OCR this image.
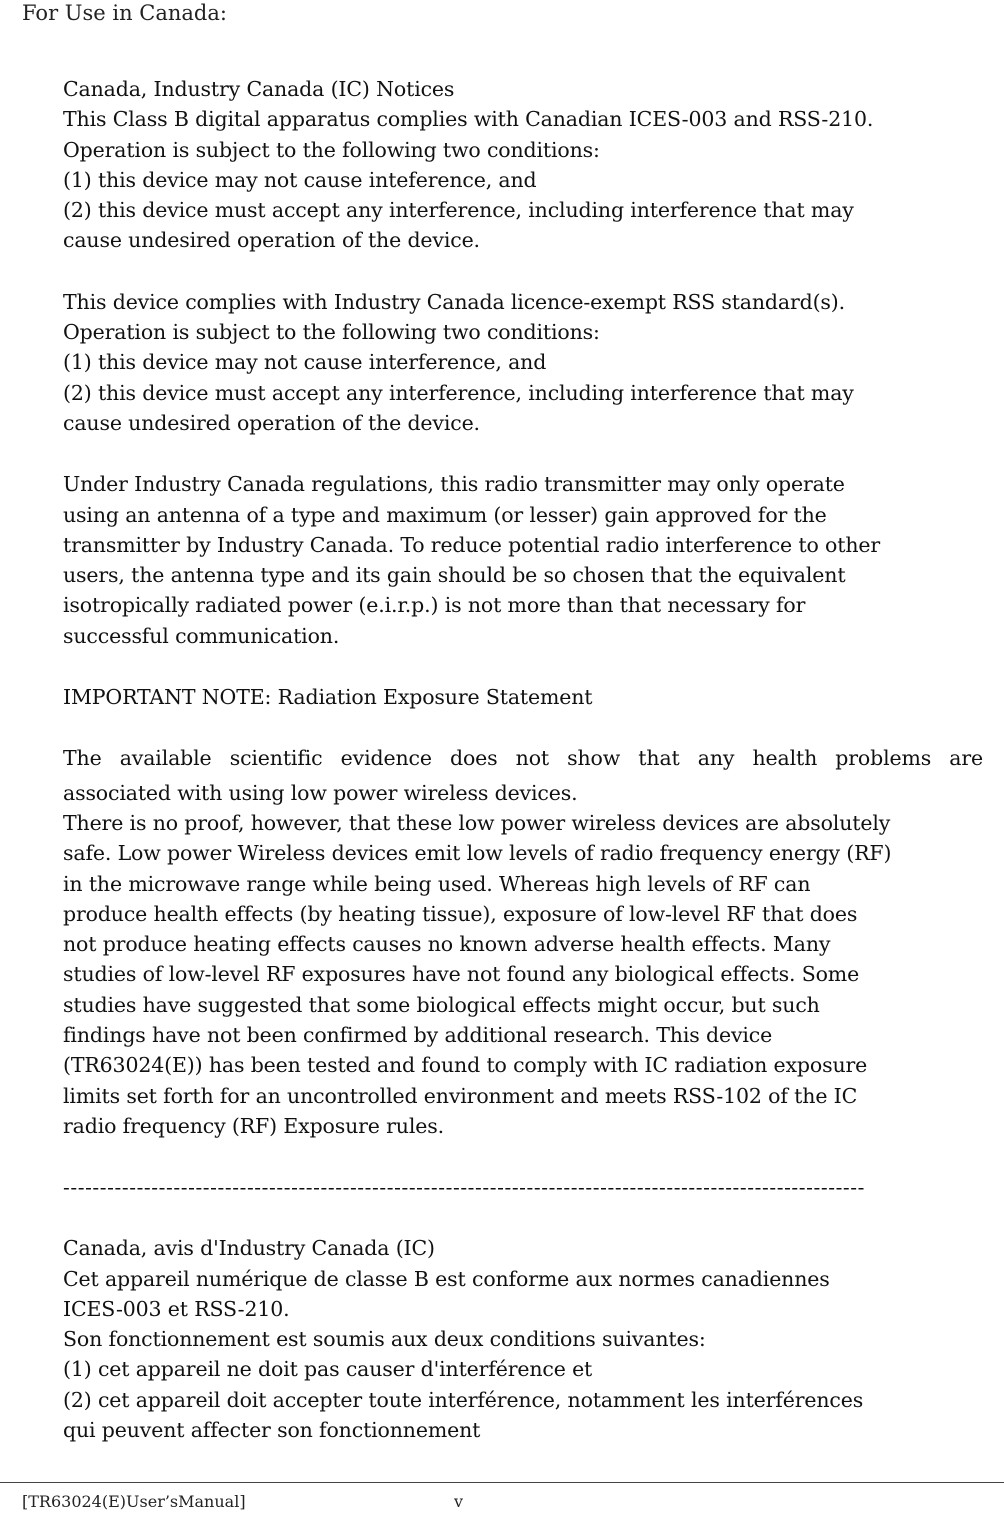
For Use in Canada:
Canada, Industry Canada (IC) Notices
This Class B digital apparatus complies with Canadian ICES-003 and RSS-210.
Operation is subject to the following two conditions:
(1) this device may not cause inteference, and
(2) this device must accept any interference, including interference that may
cause undesired operation of the device.
This device complies with Industry Canada licence-exempt RSS standard(s).
Operation is subject to the following two conditions:
(1) this device may not cause interference, and
(2) this device must accept any interference, including interference that may
cause undesired operation of the device.
Under Industry Canada regulations, this radio transmitter may only operate
using an antenna of a type and maximum (or lesser) gain approved for the
transmitter by Industry Canada. To reduce potential radio interference to other
users, the antenna type and its gain should be so chosen that the equivalent
isotropically radiated power (e.i.r.p.) is not more than that necessary for
successful communication.
IMPORTANT NOTE: Radiation Exposure Statement
The available scientific evidence does not show that any health problems are
associated with using low power wireless devices.
There is no proof, however, that these low power wireless devices are absolutely
safe. Low power Wireless devices emit low levels of radio frequency energy (RF)
in the microwave range while being used. Whereas high levels of RF can
produce health effects (by heating tissue), exposure of low-level RF that does
not produce heating effects causes no known adverse health effects. Many
studies of low-level RF exposures have not found any biological effects. Some
studies have suggested that some biological effects might occur, but such
findings have not been confirmed by additional research. This device
(TR63024(E)) has been tested and found to comply with IC radiation exposure
limits set forth for an uncontrolled environment and meets RSS-102 of the IC
radio frequency (RF) Exposure rules.
-------------------------------------------------------------------------------------------------------------
Canada, avis d'Industry Canada (IC)
Cet appareil numérique de classe B est conforme aux normes canadiennes
ICES-003 et RSS-210.
Son fonctionnement est soumis aux deux conditions suivantes:
(1) cet appareil ne doit pas causer d'interférence et
(2) cet appareil doit accepter toute interférence, notamment les interférences
qui peuvent affecter son fonctionnement
[TR63024(E)User’sManual]	v
